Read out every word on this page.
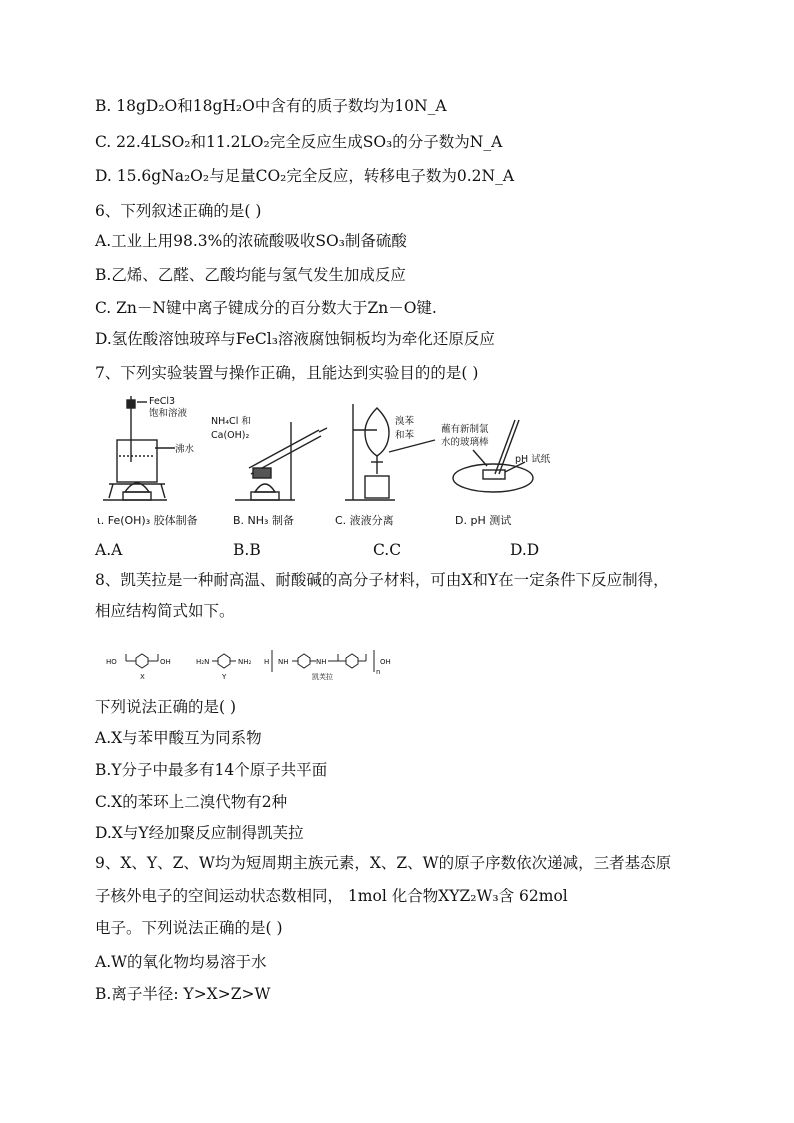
B. 18gD₂O和18gH₂O中含有的质子数均为10N_A
C. 22.4LSO₂和11.2LO₂完全反应生成SO₃的分子数为N_A
D. 15.6gNa₂O₂与足量CO₂完全反应，转移电子数为0.2N_A
6、下列叙述正确的是( )
A.工业上用98.3%的浓硫酸吸收SO₃制备硫酸
B.乙烯、乙醛、乙酸均能与氢气发生加成反应
C. Zn－N键中离子键成分的百分数大于Zn－O键.
D.氢佐酸溶蚀玻琗与FeCl₃溶液腐蚀铜板均为牵化还原反应
7、下列实验装置与操作正确，且能达到实验目的的是( )
FeCl3
饱和溶液
沸水
NH₄Cl 和
Ca(OH)₂
溴苯
和苯
蘸有新制氯
水的玻璃棒
pH 试纸
ι. Fe(OH)₃ 胶体制备	B. NH₃ 制备	C. 液液分离	D. pH 测试
A.A	B.B	C.C	D.D
8、凯芙拉是一种耐高温、耐酸碱的高分子材料，可由X和Y在一定条件下反应制得，
相应结构简式如下。
HO	OH
X
H₂N	NH₂
Y
H NH	NH
n
OH
凯芙拉
下列说法正确的是( )
A.X与苯甲酸互为同系物
B.Y分子中最多有14个原子共平面
C.X的苯环上二溴代物有2种
D.X与Y经加聚反应制得凯芙拉
9、X、Y、Z、W均为短周期主族元素，X、Z、W的原子序数依次递减，三者基态原
子核外电子的空间运动状态数相同， 1mol 化合物XYZ₂W₃含 62mol
电子。下列说法正确的是( )
A.W的氧化物均易溶于水
B.离子半径: Y>X>Z>W
